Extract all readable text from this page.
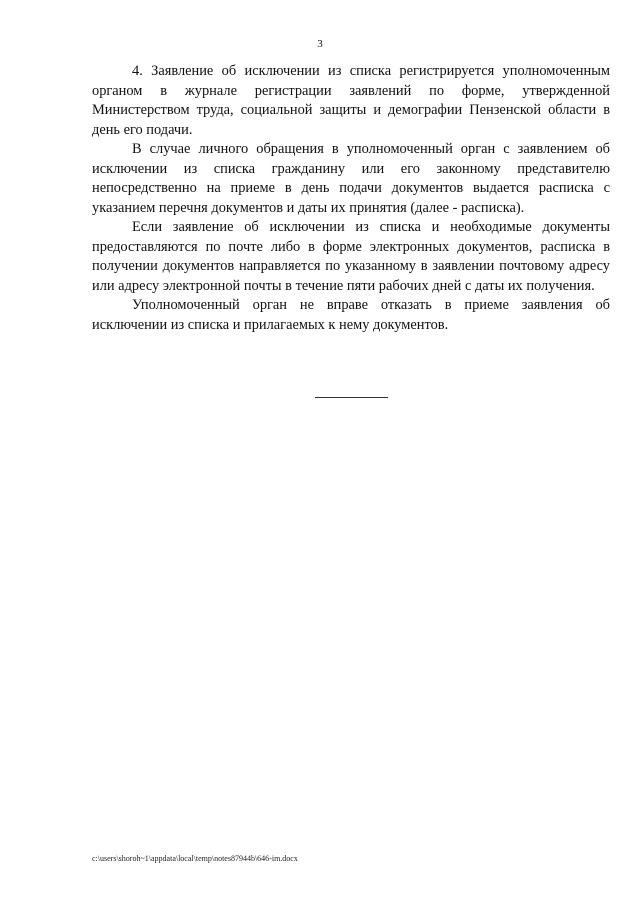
3

4. Заявление об исключении из списка регистрируется уполномоченным органом в журнале регистрации заявлений по форме, утвержденной Министерством труда, социальной защиты и демографии Пензенской области в день его подачи.

В случае личного обращения в уполномоченный орган с заявлением об исключении из списка гражданину или его законному представителю непосредственно на приеме в день подачи документов выдается расписка с указанием перечня документов и даты их принятия (далее - расписка).

Если заявление об исключении из списка и необходимые документы предоставляются по почте либо в форме электронных документов, расписка в получении документов направляется по указанному в заявлении почтовому адресу или адресу электронной почты в течение пяти рабочих дней с даты их получения.

Уполномоченный орган не вправе отказать в приеме заявления об исключении из списка и прилагаемых к нему документов.

c:\users\shoroh~1\appdata\local\temp\notes87944b\646-im.docx
